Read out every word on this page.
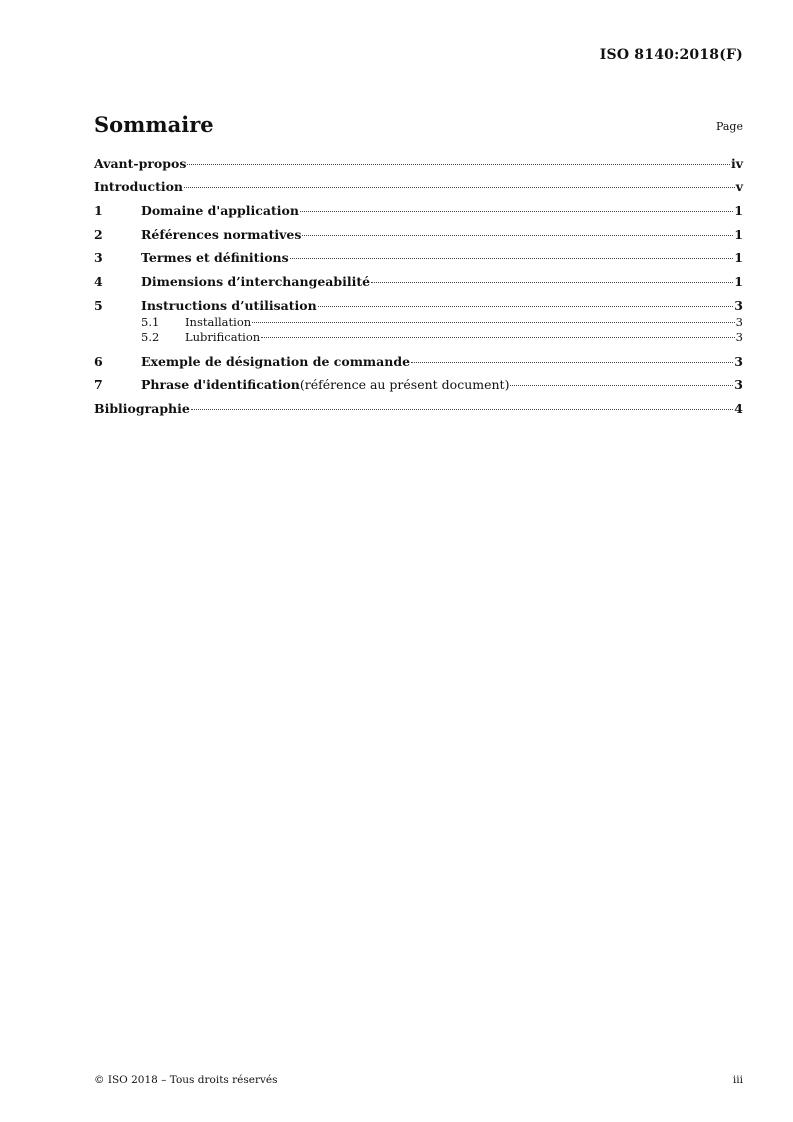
ISO 8140:2018(F)
Sommaire	Page
Avant-propos	iv
Introduction	v
1	Domaine d'application	1
2	Références normatives	1
3	Termes et définitions	1
4	Dimensions d’interchangeabilité	1
5	Instructions d’utilisation	3
5.1	Installation	3
5.2	Lubrification	3
6	Exemple de désignation de commande	3
7	Phrase d'identification (référence au présent document)	3
Bibliographie	4
© ISO 2018 – Tous droits réservés	iii
